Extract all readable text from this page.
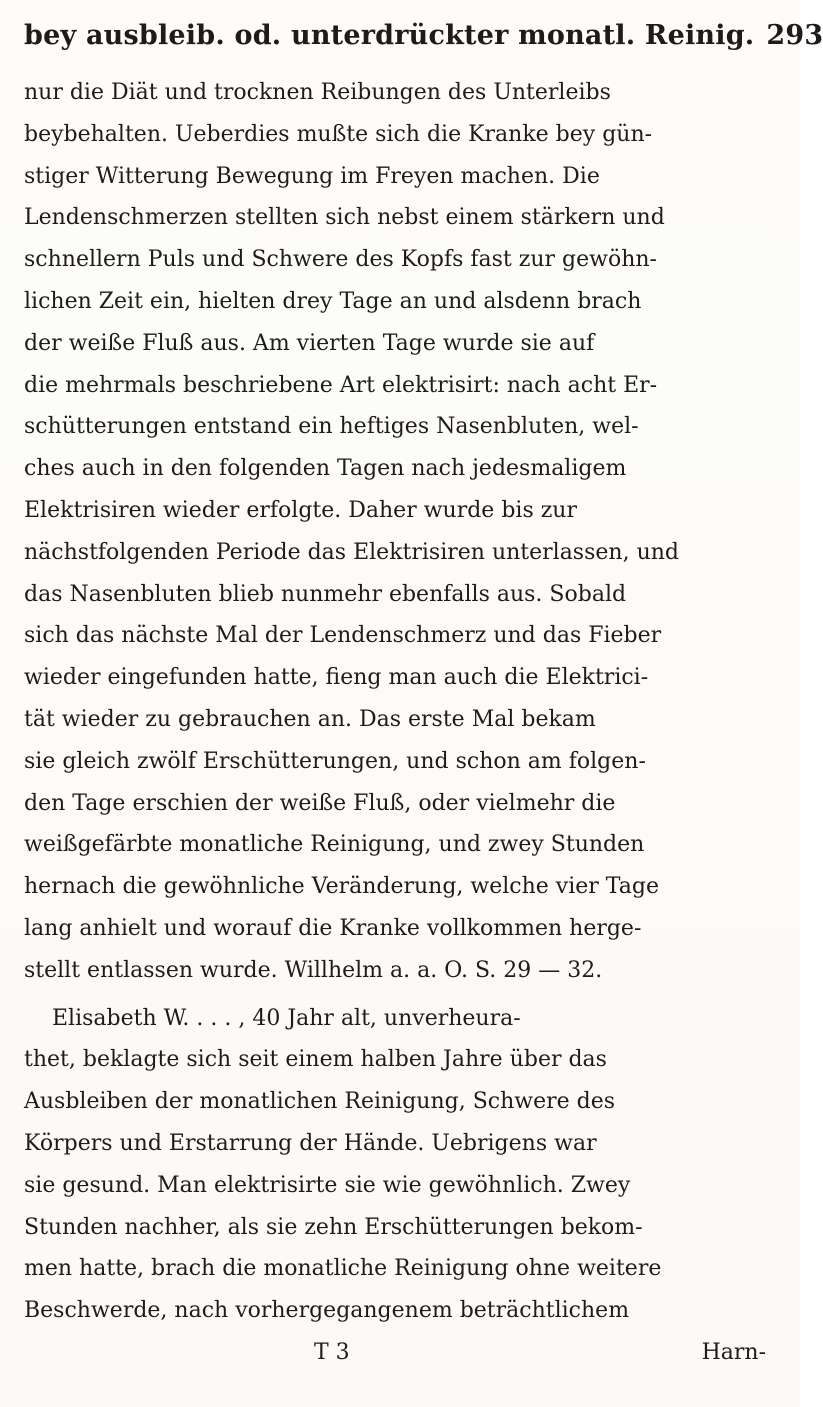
bey ausbleib. od. unterdrückter monatl. Reinig. 293
nur die Diät und trocknen Reibungen des Unterleibs
beybehalten. Ueberdies mußte sich die Kranke bey gün-
stiger Witterung Bewegung im Freyen machen. Die
Lendenschmerzen stellten sich nebst einem stärkern und
schnellern Puls und Schwere des Kopfs fast zur gewöhn-
lichen Zeit ein, hielten drey Tage an und alsdenn brach
der weiße Fluß aus. Am vierten Tage wurde sie auf
die mehrmals beschriebene Art elektrisirt: nach acht Er-
schütterungen entstand ein heftiges Nasenbluten, wel-
ches auch in den folgenden Tagen nach jedesmaligem
Elektrisiren wieder erfolgte. Daher wurde bis zur
nächstfolgenden Periode das Elektrisiren unterlassen, und
das Nasenbluten blieb nunmehr ebenfalls aus. Sobald
sich das nächste Mal der Lendenschmerz und das Fieber
wieder eingefunden hatte, fieng man auch die Elektrici-
tät wieder zu gebrauchen an. Das erste Mal bekam
sie gleich zwölf Erschütterungen, und schon am folgen-
den Tage erschien der weiße Fluß, oder vielmehr die
weißgefärbte monatliche Reinigung, und zwey Stunden
hernach die gewöhnliche Veränderung, welche vier Tage
lang anhielt und worauf die Kranke vollkommen herge-
stellt entlassen wurde. Willhelm a. a. O. S. 29 — 32.
Elisabeth W. . . . , 40 Jahr alt, unverheura-
thet, beklagte sich seit einem halben Jahre über das
Ausbleiben der monatlichen Reinigung, Schwere des
Körpers und Erstarrung der Hände. Uebrigens war
sie gesund. Man elektrisirte sie wie gewöhnlich. Zwey
Stunden nachher, als sie zehn Erschütterungen bekom-
men hatte, brach die monatliche Reinigung ohne weitere
Beschwerde, nach vorhergegangenem beträchtlichem
T 3	Harn-
